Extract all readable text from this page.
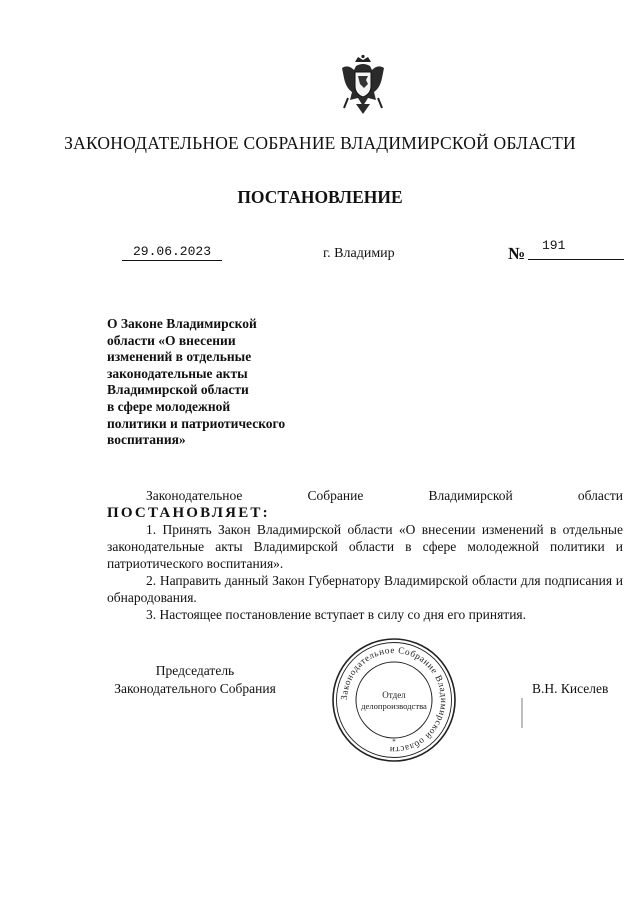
ЗАКОНОДАТЕЛЬНОЕ СОБРАНИЕ ВЛАДИМИРСКОЙ ОБЛАСТИ
ПОСТАНОВЛЕНИЕ
29.06.2023	г. Владимир	№	191
О Законе Владимирской
области «О внесении
изменений в отдельные
законодательные акты
Владимирской области
в сфере молодежной
политики и патриотического
воспитания»
Законодательное Собрание Владимирской области
ПОСТАНОВЛЯЕТ:

1. Принять Закон Владимирской области «О внесении изменений в отдельные законодательные акты Владимирской области в сфере молодежной политики и патриотического воспитания».

2. Направить данный Закон Губернатору Владимирской области для подписания и обнародования.

3. Настоящее постановление вступает в силу со дня его принятия.

Председатель
Законодательного Собрания
Законодательное Собрание Владимирской области
Отдел
делопроизводства
*
В.Н. Киселев
